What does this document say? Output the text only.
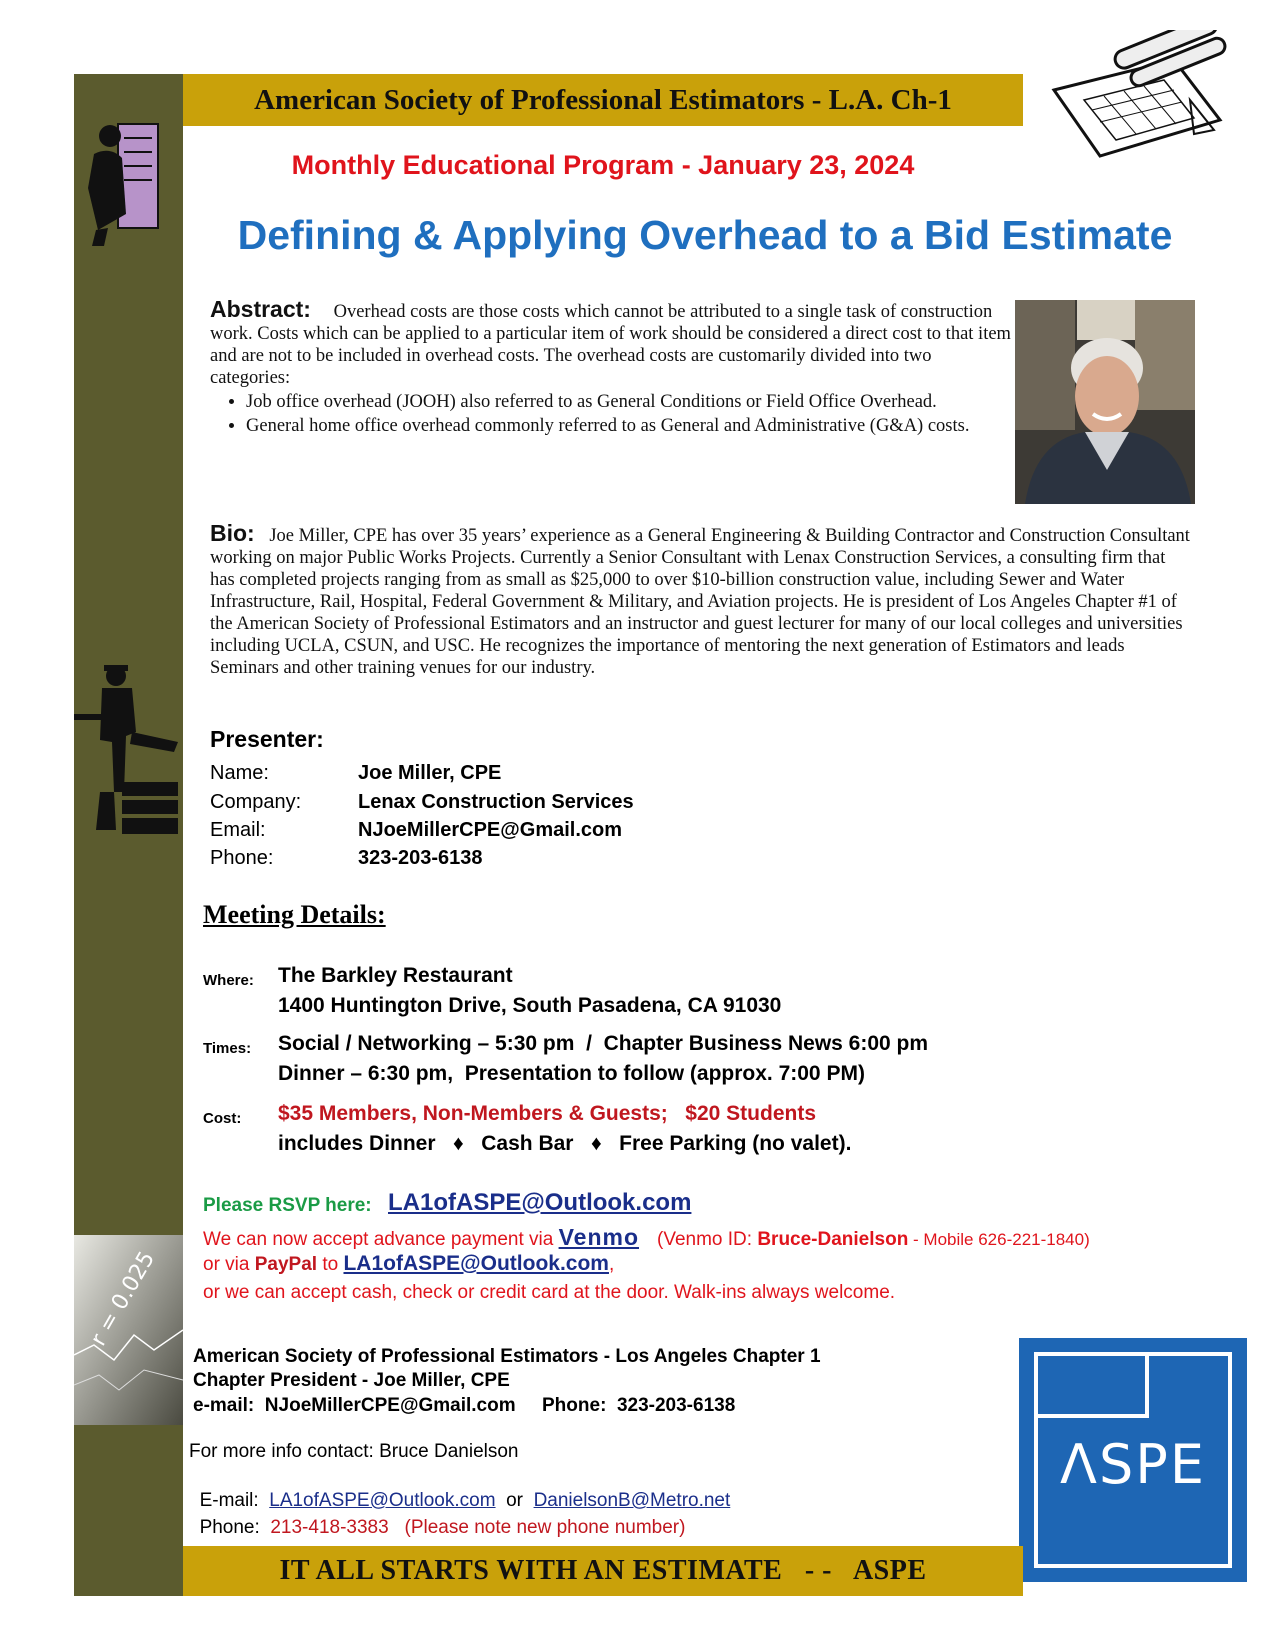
American Society of Professional Estimators - L.A. Ch-1
r = 0.025
Monthly Educational Program - January 23, 2024
Defining & Applying Overhead to a Bid Estimate
Abstract: Overhead costs are those costs which cannot be attributed to a single task of construction work. Costs which can be applied to a particular item of work should be considered a direct cost to that item and are not to be included in overhead costs. The overhead costs are customarily divided into two categories:
• Job office overhead (JOOH) also referred to as General Conditions or Field Office Overhead.
• General home office overhead commonly referred to as General and Administrative (G&A) costs.
Bio: Joe Miller, CPE has over 35 years’ experience as a General Engineering & Building Contractor and Construction Consultant working on major Public Works Projects. Currently a Senior Consultant with Lenax Construction Services, a consulting firm that has completed projects ranging from as small as $25,000 to over $10-billion construction value, including Sewer and Water Infrastructure, Rail, Hospital, Federal Government & Military, and Aviation projects. He is president of Los Angeles Chapter #1 of the American Society of Professional Estimators and an instructor and guest lecturer for many of our local colleges and universities including UCLA, CSUN, and USC. He recognizes the importance of mentoring the next generation of Estimators and leads Seminars and other training venues for our industry.
Presenter:
Name:	Joe Miller, CPE
Company:	Lenax Construction Services
Email:	NJoeMillerCPE@Gmail.com
Phone:	323-203-6138
Meeting Details:
Where: The Barkley Restaurant
1400 Huntington Drive, South Pasadena, CA 91030
Times: Social / Networking – 5:30 pm  /  Chapter Business News 6:00 pm
Dinner – 6:30 pm,  Presentation to follow (approx. 7:00 PM)
Cost: $35 Members, Non-Members & Guests;   $20 Students
includes Dinner   ♦   Cash Bar   ♦   Free Parking (no valet).
Please RSVP here: LA1ofASPE@Outlook.com
We can now accept advance payment via Venmo (Venmo ID: Bruce-Danielson - Mobile 626-221-1840)
or via PayPal to LA1ofASPE@Outlook.com,
or we can accept cash, check or credit card at the door. Walk-ins always welcome.
American Society of Professional Estimators - Los Angeles Chapter 1
Chapter President - Joe Miller, CPE
e-mail:  NJoeMillerCPE@Gmail.com     Phone:  323-203-6138
For more info contact: Bruce Danielson

E-mail:  LA1ofASPE@Outlook.com  or  DanielsonB@Metro.net

Phone:  213-418-3383   (Please note new phone number)

ΛSPE
IT ALL STARTS WITH AN ESTIMATE   - -   ASPE
